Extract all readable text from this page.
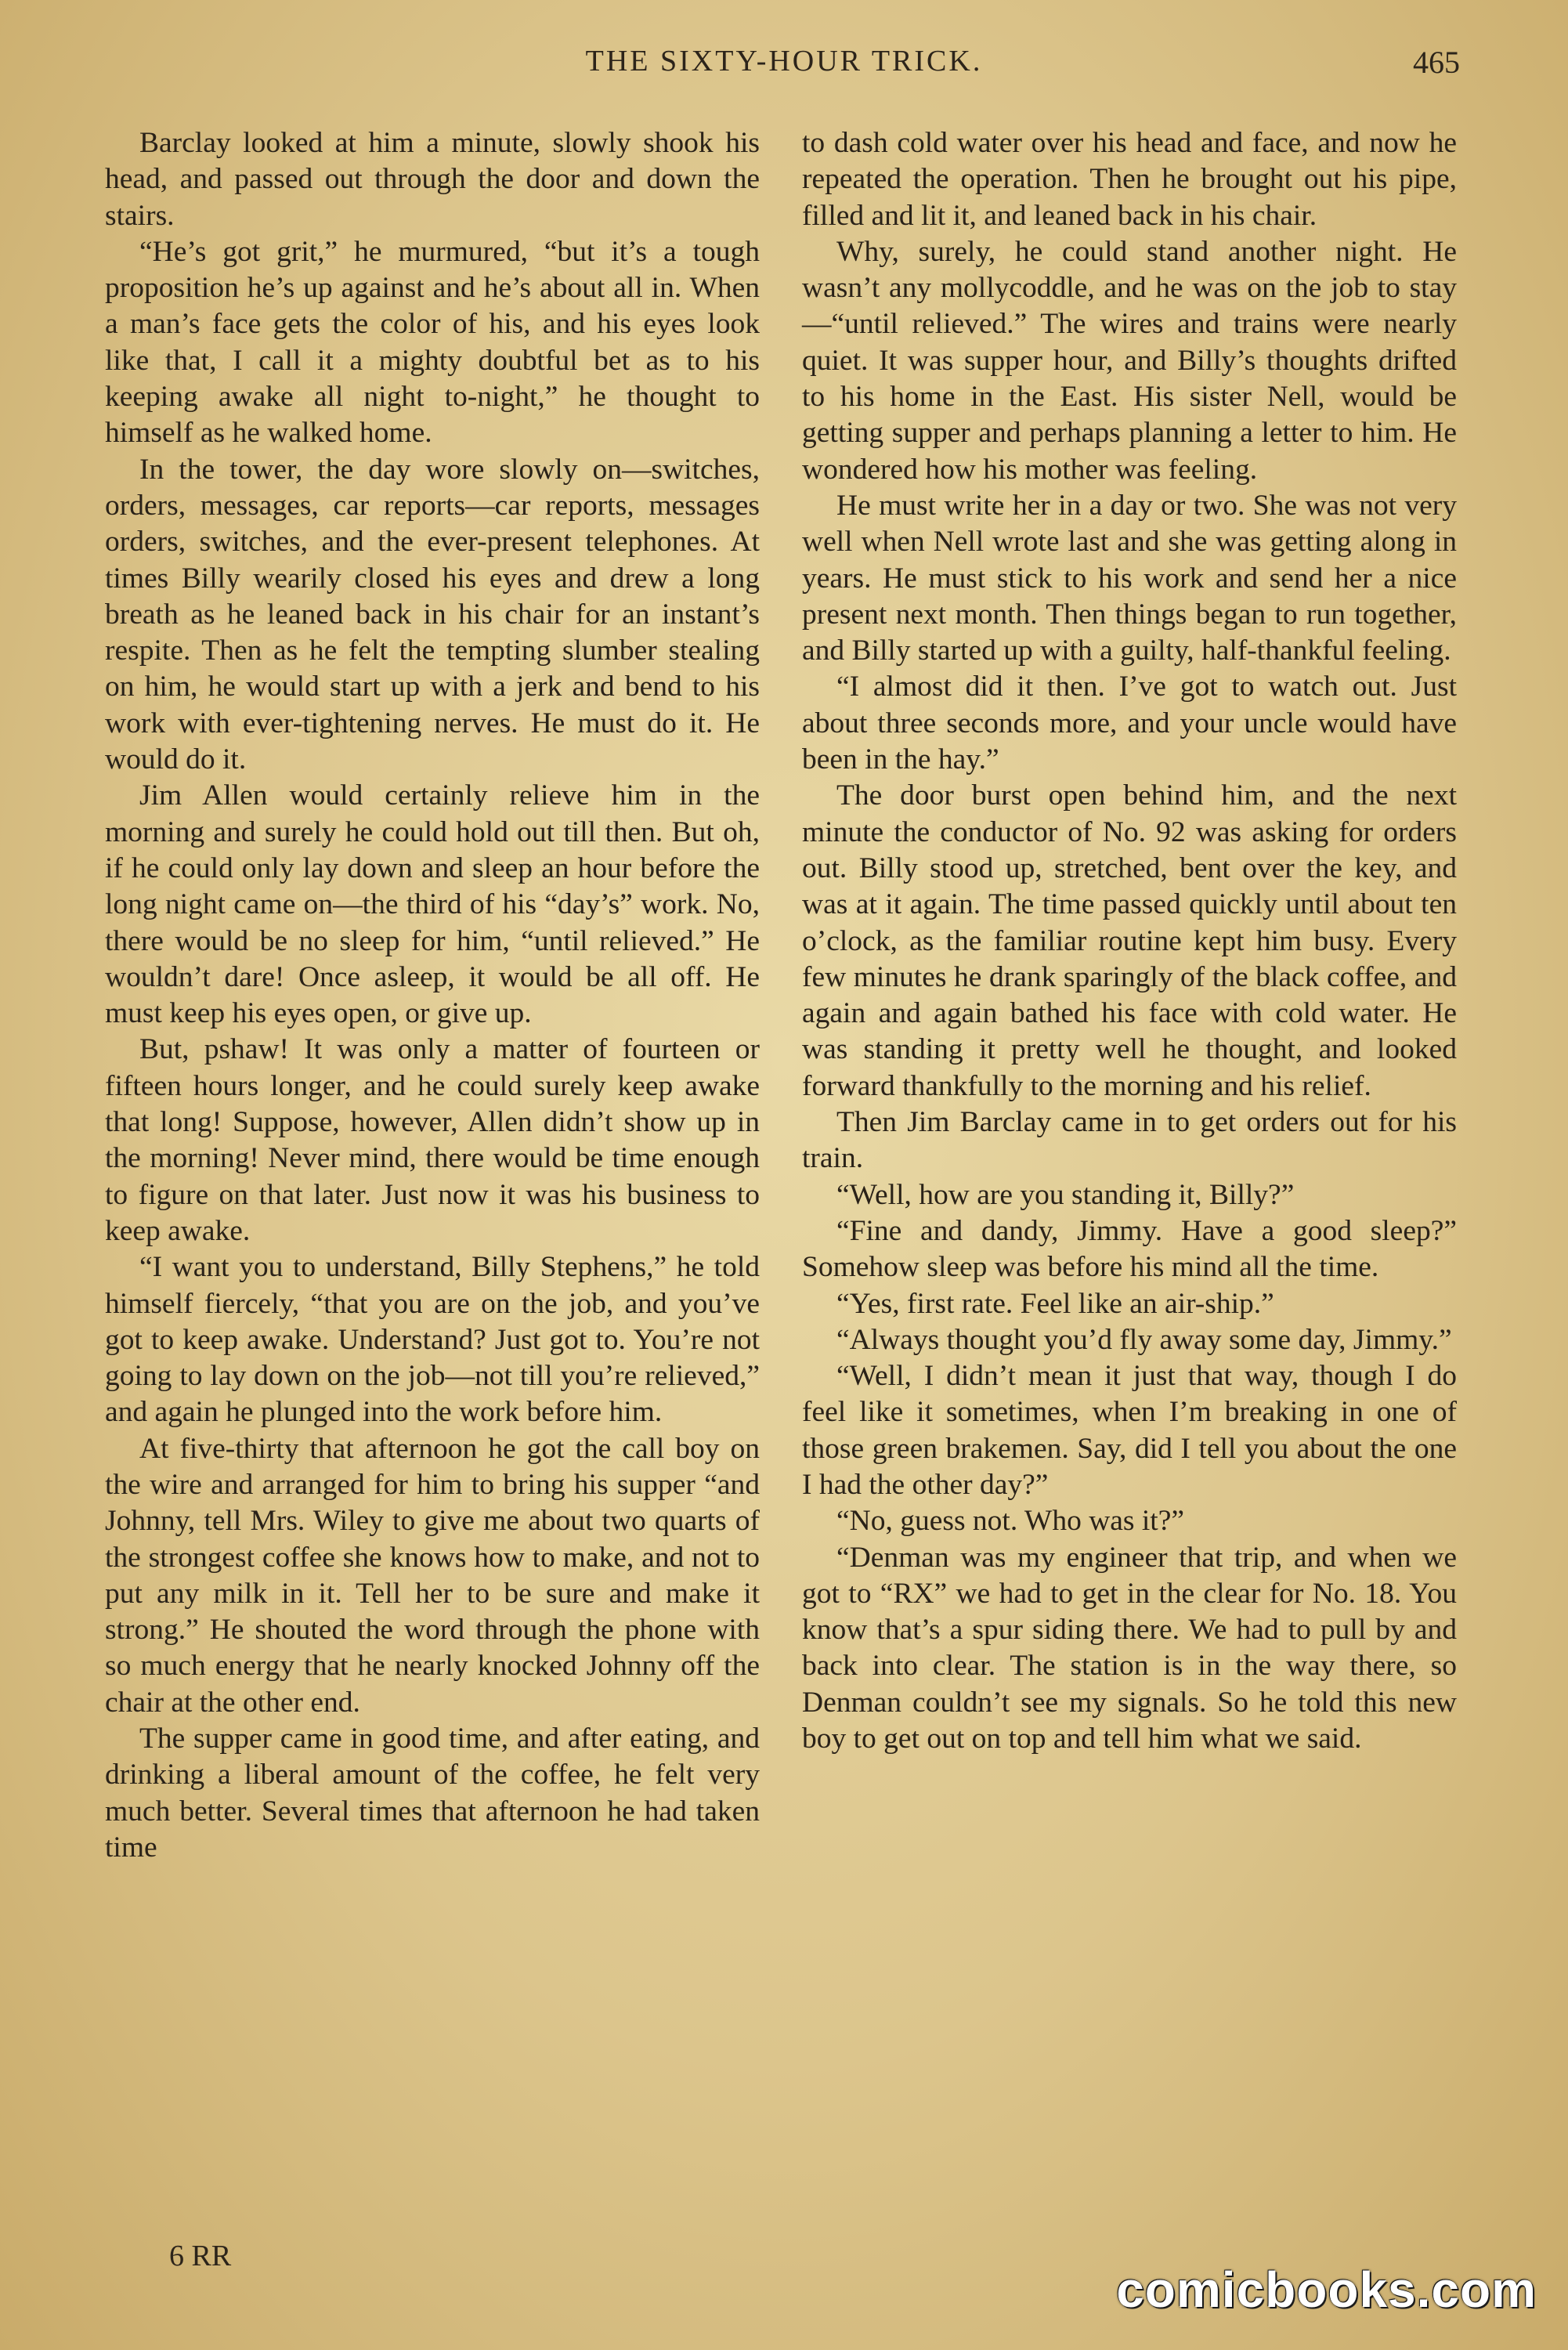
THE SIXTY-HOUR TRICK.	465

Barclay looked at him a minute, slowly shook his head, and passed out through the door and down the stairs.

“He’s got grit,” he murmured, “but it’s a tough proposition he’s up against and he’s about all in. When a man’s face gets the color of his, and his eyes look like that, I call it a mighty doubtful bet as to his keeping awake all night to-night,” he thought to himself as he walked home.

In the tower, the day wore slowly on—switches, orders, messages, car reports—car reports, messages orders, switches, and the ever-present telephones. At times Billy wearily closed his eyes and drew a long breath as he leaned back in his chair for an instant’s respite. Then as he felt the tempting slumber stealing on him, he would start up with a jerk and bend to his work with ever-tightening nerves. He must do it. He would do it.

Jim Allen would certainly relieve him in the morning and surely he could hold out till then. But oh, if he could only lay down and sleep an hour before the long night came on—the third of his “day’s” work. No, there would be no sleep for him, “until relieved.” He wouldn’t dare! Once asleep, it would be all off. He must keep his eyes open, or give up.

But, pshaw! It was only a matter of fourteen or fifteen hours longer, and he could surely keep awake that long! Suppose, however, Allen didn’t show up in the morning! Never mind, there would be time enough to figure on that later. Just now it was his business to keep awake.

“I want you to understand, Billy Stephens,” he told himself fiercely, “that you are on the job, and you’ve got to keep awake. Understand? Just got to. You’re not going to lay down on the job—not till you’re relieved,” and again he plunged into the work before him.

At five-thirty that afternoon he got the call boy on the wire and arranged for him to bring his supper “and Johnny, tell Mrs. Wiley to give me about two quarts of the strongest coffee she knows how to make, and not to put any milk in it. Tell her to be sure and make it strong.” He shouted the word through the phone with so much energy that he nearly knocked Johnny off the chair at the other end.

The supper came in good time, and after eating, and drinking a liberal amount of the coffee, he felt very much better. Several times that afternoon he had taken time

to dash cold water over his head and face, and now he repeated the operation. Then he brought out his pipe, filled and lit it, and leaned back in his chair.

Why, surely, he could stand another night. He wasn’t any mollycoddle, and he was on the job to stay—“until relieved.” The wires and trains were nearly quiet. It was supper hour, and Billy’s thoughts drifted to his home in the East. His sister Nell, would be getting supper and perhaps planning a letter to him. He wondered how his mother was feeling.

He must write her in a day or two. She was not very well when Nell wrote last and she was getting along in years. He must stick to his work and send her a nice present next month. Then things began to run together, and Billy started up with a guilty, half-thankful feeling.

“I almost did it then. I’ve got to watch out. Just about three seconds more, and your uncle would have been in the hay.”

The door burst open behind him, and the next minute the conductor of No. 92 was asking for orders out. Billy stood up, stretched, bent over the key, and was at it again. The time passed quickly until about ten o’clock, as the familiar routine kept him busy. Every few minutes he drank sparingly of the black coffee, and again and again bathed his face with cold water. He was standing it pretty well he thought, and looked forward thankfully to the morning and his relief.

Then Jim Barclay came in to get orders out for his train.

“Well, how are you standing it, Billy?”

“Fine and dandy, Jimmy. Have a good sleep?” Somehow sleep was before his mind all the time.

“Yes, first rate. Feel like an air-ship.”

“Always thought you’d fly away some day, Jimmy.”

“Well, I didn’t mean it just that way, though I do feel like it sometimes, when I’m breaking in one of those green brakemen. Say, did I tell you about the one I had the other day?”

“No, guess not. Who was it?”

“Denman was my engineer that trip, and when we got to “RX” we had to get in the clear for No. 18. You know that’s a spur siding there. We had to pull by and back into clear. The station is in the way there, so Denman couldn’t see my signals. So he told this new boy to get out on top and tell him what we said.

6 RR
comicbooks.com
